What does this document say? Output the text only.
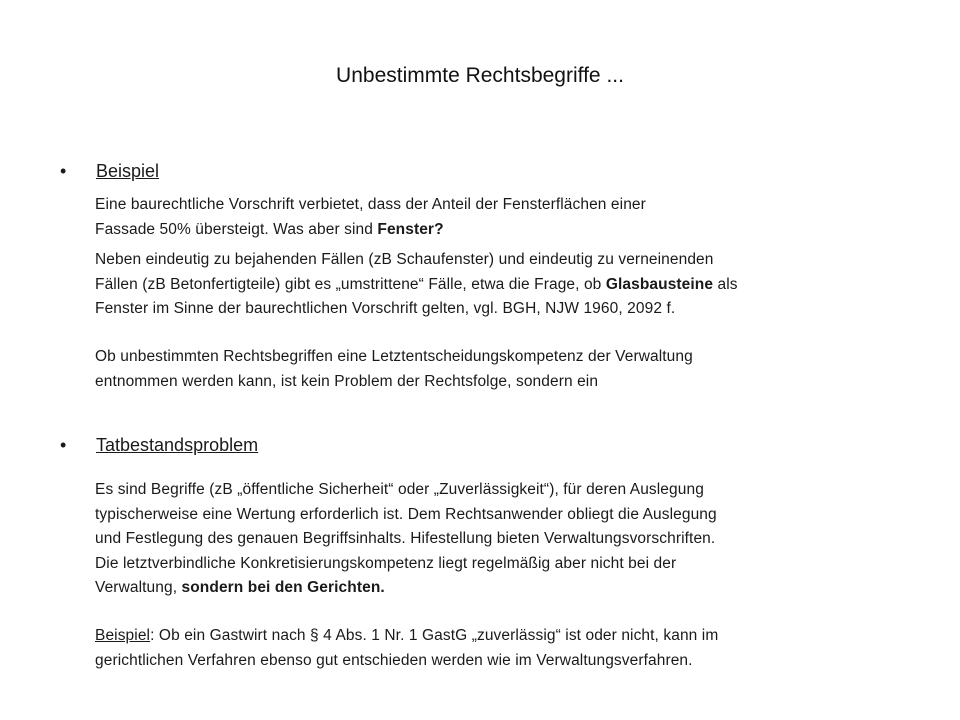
Unbestimmte Rechtsbegriffe ...
• Beispiel
Eine baurechtliche Vorschrift verbietet, dass der Anteil der Fensterflächen einer
Fassade 50% übersteigt. Was aber sind Fenster?
Neben eindeutig zu bejahenden Fällen (zB Schaufenster) und eindeutig zu verneinenden
Fällen (zB Betonfertigteile) gibt es „umstrittene“ Fälle, etwa die Frage, ob Glasbausteine als
Fenster im Sinne der baurechtlichen Vorschrift gelten, vgl. BGH, NJW 1960, 2092 f.
Ob unbestimmten Rechtsbegriffen eine Letztentscheidungskompetenz der Verwaltung
entnommen werden kann, ist kein Problem der Rechtsfolge, sondern ein
• Tatbestandsproblem
Es sind Begriffe (zB „öffentliche Sicherheit“ oder „Zuverlässigkeit“), für deren Auslegung
typischerweise eine Wertung erforderlich ist. Dem Rechtsanwender obliegt die Auslegung
und Festlegung des genauen Begriffsinhalts. Hifestellung bieten Verwaltungsvorschriften.
Die letztverbindliche Konkretisierungskompetenz liegt regelmäßig aber nicht bei der
Verwaltung, sondern bei den Gerichten.
Beispiel: Ob ein Gastwirt nach § 4 Abs. 1 Nr. 1 GastG „zuverlässig“ ist oder nicht, kann im
gerichtlichen Verfahren ebenso gut entschieden werden wie im Verwaltungsverfahren.
